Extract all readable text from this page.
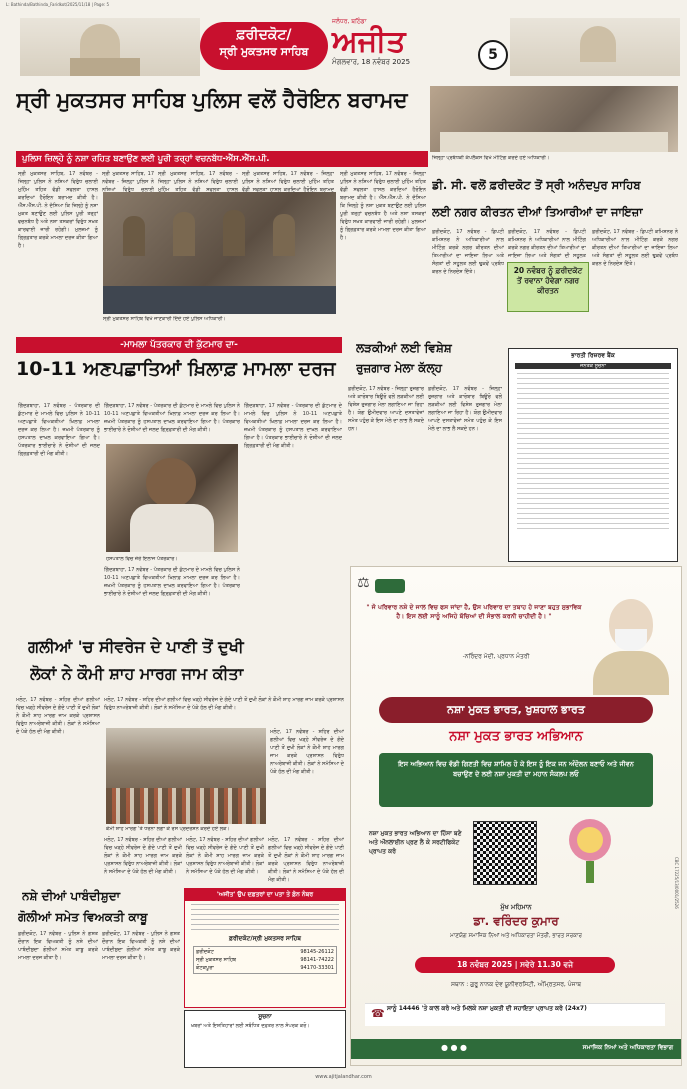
L: Bathinda/Bathinda_Faridkot/2025/11/18 | Page: 5
ਫ਼ਰੀਦਕੋਟ/
ਸ੍ਰੀ ਮੁਕਤਸਰ ਸਾਹਿਬ
ਜਲੰਧਰ, ਬਠਿੰਡਾ
ਅਜੀਤ
ਮੰਗਲਵਾਰ, 18 ਨਵੰਬਰ 2025	5
ਸ੍ਰੀ ਮੁਕਤਸਰ ਸਾਹਿਬ ਪੁਲਿਸ ਵਲੋਂ ਹੈਰੋਇਨ ਬਰਾਮਦ
ਪੁਲਿਸ ਜ਼ਿਲ੍ਹੇ ਨੂੰ ਨਸ਼ਾ ਰਹਿਤ ਬਣਾਉਣ ਲਈ ਪੂਰੀ ਤਰ੍ਹਾਂ ਵਚਨਬੱਧ-ਐੱਸ.ਐੱਸ.ਪੀ.
ਸ੍ਰੀ ਮੁਕਤਸਰ ਸਾਹਿਬ, 17 ਨਵੰਬਰ - ਜ਼ਿਲ੍ਹਾ ਪੁਲਿਸ ਨੇ ਨਸ਼ਿਆਂ ਵਿਰੁੱਧ ਚਲਾਈ ਮੁਹਿੰਮ ਤਹਿਤ ਵੱਡੀ ਸਫਲਤਾ ਹਾਸਲ ਕਰਦਿਆਂ ਹੈਰੋਇਨ ਬਰਾਮਦ ਕੀਤੀ ਹੈ। ਐੱਸ.ਐੱਸ.ਪੀ. ਨੇ ਦੱਸਿਆ ਕਿ ਜ਼ਿਲ੍ਹੇ ਨੂੰ ਨਸ਼ਾ ਮੁਕਤ ਬਣਾਉਣ ਲਈ ਪੁਲਿਸ ਪੂਰੀ ਤਰ੍ਹਾਂ ਵਚਨਬੱਧ ਹੈ ਅਤੇ ਨਸ਼ਾ ਤਸਕਰਾਂ ਵਿਰੁੱਧ ਸਖ਼ਤ ਕਾਰਵਾਈ ਜਾਰੀ ਰਹੇਗੀ। ਮੁਲਜ਼ਮਾਂ ਨੂੰ ਗ੍ਰਿਫ਼ਤਾਰ ਕਰਕੇ ਮਾਮਲਾ ਦਰਜ ਕੀਤਾ ਗਿਆ ਹੈ।
ਸ੍ਰੀ ਮੁਕਤਸਰ ਸਾਹਿਬ, 17 ਨਵੰਬਰ - ਜ਼ਿਲ੍ਹਾ ਪੁਲਿਸ ਨੇ ਨਸ਼ਿਆਂ ਵਿਰੁੱਧ ਚਲਾਈ
ਸ੍ਰੀ ਮੁਕਤਸਰ ਸਾਹਿਬ, 17 ਨਵੰਬਰ - ਜ਼ਿਲ੍ਹਾ ਪੁਲਿਸ ਨੇ ਨਸ਼ਿਆਂ ਵਿਰੁੱਧ ਚਲਾਈ ਮੁਹਿੰਮ ਤਹਿਤ ਵੱਡੀ ਸਫਲਤਾ ਹਾਸਲ
ਸ੍ਰੀ ਮੁਕਤਸਰ ਸਾਹਿਬ, 17 ਨਵੰਬਰ - ਜ਼ਿਲ੍ਹਾ ਪੁਲਿਸ ਨੇ ਨਸ਼ਿਆਂ ਵਿਰੁੱਧ ਚਲਾਈ ਮੁਹਿੰਮ ਤਹਿਤ ਵੱਡੀ ਸਫਲਤਾ ਹਾਸਲ ਕਰਦਿਆਂ ਹੈਰੋਇਨ ਬਰਾਮਦ
ਸ੍ਰੀ ਮੁਕਤਸਰ ਸਾਹਿਬ, 17 ਨਵੰਬਰ - ਜ਼ਿਲ੍ਹਾ ਪੁਲਿਸ ਨੇ ਨਸ਼ਿਆਂ ਵਿਰੁੱਧ ਚਲਾਈ ਮੁਹਿੰਮ ਤਹਿਤ ਵੱਡੀ ਸਫਲਤਾ ਹਾਸਲ ਕਰਦਿਆਂ ਹੈਰੋਇਨ ਬਰਾਮਦ ਕੀਤੀ ਹੈ। ਐੱਸ.ਐੱਸ.ਪੀ. ਨੇ ਦੱਸਿਆ ਕਿ ਜ਼ਿਲ੍ਹੇ ਨੂੰ ਨਸ਼ਾ ਮੁਕਤ ਬਣਾਉਣ ਲਈ ਪੁਲਿਸ ਪੂਰੀ ਤਰ੍ਹਾਂ ਵਚਨਬੱਧ ਹੈ ਅਤੇ ਨਸ਼ਾ ਤਸਕਰਾਂ ਵਿਰੁੱਧ ਸਖ਼ਤ ਕਾਰਵਾਈ ਜਾਰੀ ਰਹੇਗੀ। ਮੁਲਜ਼ਮਾਂ ਨੂੰ ਗ੍ਰਿਫ਼ਤਾਰ ਕਰਕੇ ਮਾਮਲਾ ਦਰਜ ਕੀਤਾ ਗਿਆ ਹੈ।
ਸ੍ਰੀ ਮੁਕਤਸਰ ਸਾਹਿਬ ਵਿਖੇ ਜਾਣਕਾਰੀ ਦਿੰਦੇ ਹੋਏ ਪੁਲਿਸ ਅਧਿਕਾਰੀ।
ਜ਼ਿਲ੍ਹਾ ਪ੍ਰਬੰਧਕੀ ਕੰਪਲੈਕਸ ਵਿਖੇ ਮੀਟਿੰਗ ਕਰਦੇ ਹੋਏ ਅਧਿਕਾਰੀ।
ਡੀ. ਸੀ. ਵਲੋਂ ਫ਼ਰੀਦਕੋਟ ਤੋਂ ਸ੍ਰੀ ਅਨੰਦਪੁਰ ਸਾਹਿਬ
ਲਈ ਨਗਰ ਕੀਰਤਨ ਦੀਆਂ ਤਿਆਰੀਆਂ ਦਾ ਜਾਇਜ਼ਾ
ਫ਼ਰੀਦਕੋਟ, 17 ਨਵੰਬਰ - ਡਿਪਟੀ ਕਮਿਸ਼ਨਰ ਨੇ ਅਧਿਕਾਰੀਆਂ ਨਾਲ ਮੀਟਿੰਗ ਕਰਕੇ ਨਗਰ ਕੀਰਤਨ ਦੀਆਂ ਤਿਆਰੀਆਂ ਦਾ ਜਾਇਜ਼ਾ ਲਿਆ ਅਤੇ ਸੰਗਤਾਂ ਦੀ ਸਹੂਲਤ ਲਈ ਢੁਕਵੇਂ ਪ੍ਰਬੰਧ ਕਰਨ ਦੇ ਨਿਰਦੇਸ਼ ਦਿੱਤੇ।
ਫ਼ਰੀਦਕੋਟ, 17 ਨਵੰਬਰ - ਡਿਪਟੀ ਕਮਿਸ਼ਨਰ ਨੇ ਅਧਿਕਾਰੀਆਂ ਨਾਲ ਮੀਟਿੰਗ ਕਰਕੇ ਨਗਰ ਕੀਰਤਨ ਦੀਆਂ ਤਿਆਰੀਆਂ ਦਾ ਜਾਇਜ਼ਾ ਲਿਆ ਅਤੇ ਸੰਗਤਾਂ ਦੀ ਸਹੂਲਤ
20 ਨਵੰਬਰ ਨੂੰ ਫ਼ਰੀਦਕੋਟ ਤੋਂ ਰਵਾਨਾ ਹੋਵੇਗਾ ਨਗਰ ਕੀਰਤਨ
ਫ਼ਰੀਦਕੋਟ, 17 ਨਵੰਬਰ - ਡਿਪਟੀ ਕਮਿਸ਼ਨਰ ਨੇ ਅਧਿਕਾਰੀਆਂ ਨਾਲ ਮੀਟਿੰਗ ਕਰਕੇ ਨਗਰ ਕੀਰਤਨ ਦੀਆਂ ਤਿਆਰੀਆਂ ਦਾ ਜਾਇਜ਼ਾ ਲਿਆ ਅਤੇ ਸੰਗਤਾਂ ਦੀ ਸਹੂਲਤ ਲਈ ਢੁਕਵੇਂ ਪ੍ਰਬੰਧ ਕਰਨ ਦੇ ਨਿਰਦੇਸ਼ ਦਿੱਤੇ।
-ਮਾਮਲਾ ਪੱਤਰਕਾਰ ਦੀ ਕੁੱਟਮਾਰ ਦਾ-
10-11 ਅਣਪਛਾਤਿਆਂ ਖ਼ਿਲਾਫ਼ ਮਾਮਲਾ ਦਰਜ
ਗਿੱਦੜਬਾਹਾ, 17 ਨਵੰਬਰ - ਪੱਤਰਕਾਰ ਦੀ ਕੁੱਟਮਾਰ ਦੇ ਮਾਮਲੇ ਵਿਚ ਪੁਲਿਸ ਨੇ 10-11 ਅਣਪਛਾਤੇ ਵਿਅਕਤੀਆਂ ਖ਼ਿਲਾਫ਼ ਮਾਮਲਾ ਦਰਜ ਕਰ ਲਿਆ ਹੈ। ਜ਼ਖ਼ਮੀ ਪੱਤਰਕਾਰ ਨੂੰ ਹਸਪਤਾਲ ਦਾਖ਼ਲ ਕਰਵਾਇਆ ਗਿਆ ਹੈ। ਪੱਤਰਕਾਰ ਭਾਈਚਾਰੇ ਨੇ ਦੋਸ਼ੀਆਂ ਦੀ ਜਲਦ ਗ੍ਰਿਫ਼ਤਾਰੀ ਦੀ ਮੰਗ ਕੀਤੀ।
ਗਿੱਦੜਬਾਹਾ, 17 ਨਵੰਬਰ - ਪੱਤਰਕਾਰ ਦੀ ਕੁੱਟਮਾਰ ਦੇ ਮਾਮਲੇ ਵਿਚ ਪੁਲਿਸ ਨੇ 10-11 ਅਣਪਛਾਤੇ ਵਿਅਕਤੀਆਂ ਖ਼ਿਲਾਫ਼ ਮਾਮਲਾ ਦਰਜ ਕਰ ਲਿਆ ਹੈ। ਜ਼ਖ਼ਮੀ ਪੱਤਰਕਾਰ ਨੂੰ ਹਸਪਤਾਲ ਦਾਖ਼ਲ ਕਰਵਾਇਆ ਗਿਆ ਹੈ। ਪੱਤਰਕਾਰ ਭਾਈਚਾਰੇ ਨੇ ਦੋਸ਼ੀਆਂ ਦੀ ਜਲਦ ਗ੍ਰਿਫ਼ਤਾਰੀ ਦੀ ਮੰਗ ਕੀਤੀ।
ਗਿੱਦੜਬਾਹਾ, 17 ਨਵੰਬਰ - ਪੱਤਰਕਾਰ ਦੀ ਕੁੱਟਮਾਰ ਦੇ ਮਾਮਲੇ ਵਿਚ ਪੁਲਿਸ ਨੇ 10-11 ਅਣਪਛਾਤੇ ਵਿਅਕਤੀਆਂ ਖ਼ਿਲਾਫ਼ ਮਾਮਲਾ ਦਰਜ ਕਰ ਲਿਆ ਹੈ। ਜ਼ਖ਼ਮੀ ਪੱਤਰਕਾਰ ਨੂੰ ਹਸਪਤਾਲ ਦਾਖ਼ਲ ਕਰਵਾਇਆ ਗਿਆ ਹੈ। ਪੱਤਰਕਾਰ ਭਾਈਚਾਰੇ ਨੇ ਦੋਸ਼ੀਆਂ ਦੀ ਜਲਦ ਗ੍ਰਿਫ਼ਤਾਰੀ ਦੀ ਮੰਗ ਕੀਤੀ।
ਹਸਪਤਾਲ ਵਿਚ ਜ਼ੇਰੇ ਇਲਾਜ ਪੱਤਰਕਾਰ।
ਗਿੱਦੜਬਾਹਾ, 17 ਨਵੰਬਰ - ਪੱਤਰਕਾਰ ਦੀ ਕੁੱਟਮਾਰ ਦੇ ਮਾਮਲੇ ਵਿਚ ਪੁਲਿਸ ਨੇ 10-11 ਅਣਪਛਾਤੇ ਵਿਅਕਤੀਆਂ ਖ਼ਿਲਾਫ਼ ਮਾਮਲਾ ਦਰਜ ਕਰ ਲਿਆ ਹੈ। ਜ਼ਖ਼ਮੀ ਪੱਤਰਕਾਰ ਨੂੰ ਹਸਪਤਾਲ ਦਾਖ਼ਲ ਕਰਵਾਇਆ ਗਿਆ ਹੈ। ਪੱਤਰਕਾਰ ਭਾਈਚਾਰੇ ਨੇ ਦੋਸ਼ੀਆਂ ਦੀ ਜਲਦ ਗ੍ਰਿਫ਼ਤਾਰੀ ਦੀ ਮੰਗ ਕੀਤੀ।
ਲੜਕੀਆਂ ਲਈ ਵਿਸ਼ੇਸ਼
ਰੁਜ਼ਗਾਰ ਮੇਲਾ ਕੱਲ੍ਹ
ਫ਼ਰੀਦਕੋਟ, 17 ਨਵੰਬਰ - ਜ਼ਿਲ੍ਹਾ ਰੁਜ਼ਗਾਰ ਅਤੇ ਕਾਰੋਬਾਰ ਬਿਊਰੋ ਵਲੋਂ ਲੜਕੀਆਂ ਲਈ ਵਿਸ਼ੇਸ਼ ਰੁਜ਼ਗਾਰ ਮੇਲਾ ਲਗਾਇਆ ਜਾ ਰਿਹਾ ਹੈ। ਯੋਗ ਉਮੀਦਵਾਰ ਆਪਣੇ ਦਸਤਾਵੇਜ਼ਾਂ ਸਮੇਤ ਪਹੁੰਚ ਕੇ ਇਸ ਮੇਲੇ ਦਾ ਲਾਭ ਲੈ ਸਕਦੇ ਹਨ।
ਫ਼ਰੀਦਕੋਟ, 17 ਨਵੰਬਰ - ਜ਼ਿਲ੍ਹਾ ਰੁਜ਼ਗਾਰ ਅਤੇ ਕਾਰੋਬਾਰ ਬਿਊਰੋ ਵਲੋਂ ਲੜਕੀਆਂ ਲਈ ਵਿਸ਼ੇਸ਼ ਰੁਜ਼ਗਾਰ ਮੇਲਾ ਲਗਾਇਆ ਜਾ ਰਿਹਾ ਹੈ। ਯੋਗ ਉਮੀਦਵਾਰ ਆਪਣੇ ਦਸਤਾਵੇਜ਼ਾਂ ਸਮੇਤ ਪਹੁੰਚ ਕੇ ਇਸ ਮੇਲੇ ਦਾ ਲਾਭ ਲੈ ਸਕਦੇ ਹਨ।
ਭਾਰਤੀ ਰਿਜ਼ਰਵ ਬੈਂਕ
ਜਨਤਕ ਸੂਚਨਾ
ਗਲੀਆਂ 'ਚ ਸੀਵਰੇਜ ਦੇ ਪਾਣੀ ਤੋਂ ਦੁਖੀ
ਲੋਕਾਂ ਨੇ ਕੌਮੀ ਸ਼ਾਹ ਮਾਰਗ ਜਾਮ ਕੀਤਾ
ਮਲੋਟ, 17 ਨਵੰਬਰ - ਸ਼ਹਿਰ ਦੀਆਂ ਗਲੀਆਂ ਵਿਚ ਖੜ੍ਹੇ ਸੀਵਰੇਜ ਦੇ ਗੰਦੇ ਪਾਣੀ ਤੋਂ ਦੁਖੀ ਲੋਕਾਂ ਨੇ ਕੌਮੀ ਸ਼ਾਹ ਮਾਰਗ ਜਾਮ ਕਰਕੇ ਪ੍ਰਸ਼ਾਸਨ ਵਿਰੁੱਧ ਨਾਅਰੇਬਾਜ਼ੀ ਕੀਤੀ। ਲੋਕਾਂ ਨੇ ਸਮੱਸਿਆ ਦੇ ਪੱਕੇ ਹੱਲ ਦੀ ਮੰਗ ਕੀਤੀ।
ਮਲੋਟ, 17 ਨਵੰਬਰ - ਸ਼ਹਿਰ ਦੀਆਂ ਗਲੀਆਂ ਵਿਚ ਖੜ੍ਹੇ ਸੀਵਰੇਜ ਦੇ ਗੰਦੇ ਪਾਣੀ ਤੋਂ ਦੁਖੀ ਲੋਕਾਂ ਨੇ ਕੌਮੀ ਸ਼ਾਹ ਮਾਰਗ ਜਾਮ ਕਰਕੇ ਪ੍ਰਸ਼ਾਸਨ ਵਿਰੁੱਧ ਨਾਅਰੇਬਾਜ਼ੀ ਕੀਤੀ। ਲੋਕਾਂ ਨੇ ਸਮੱਸਿਆ ਦੇ ਪੱਕੇ ਹੱਲ ਦੀ ਮੰਗ ਕੀਤੀ।
ਕੌਮੀ ਸ਼ਾਹ ਮਾਰਗ 'ਤੇ ਧਰਨਾ ਲਗਾ ਕੇ ਰੋਸ ਪ੍ਰਦਰਸ਼ਨ ਕਰਦੇ ਹੋਏ ਲੋਕ।
ਮਲੋਟ, 17 ਨਵੰਬਰ - ਸ਼ਹਿਰ ਦੀਆਂ ਗਲੀਆਂ ਵਿਚ ਖੜ੍ਹੇ ਸੀਵਰੇਜ ਦੇ ਗੰਦੇ ਪਾਣੀ ਤੋਂ ਦੁਖੀ ਲੋਕਾਂ ਨੇ ਕੌਮੀ ਸ਼ਾਹ ਮਾਰਗ ਜਾਮ ਕਰਕੇ ਪ੍ਰਸ਼ਾਸਨ ਵਿਰੁੱਧ ਨਾਅਰੇਬਾਜ਼ੀ ਕੀਤੀ। ਲੋਕਾਂ ਨੇ ਸਮੱਸਿਆ ਦੇ ਪੱਕੇ ਹੱਲ ਦੀ ਮੰਗ ਕੀਤੀ।
ਮਲੋਟ, 17 ਨਵੰਬਰ - ਸ਼ਹਿਰ ਦੀਆਂ ਗਲੀਆਂ ਵਿਚ ਖੜ੍ਹੇ ਸੀਵਰੇਜ ਦੇ ਗੰਦੇ ਪਾਣੀ ਤੋਂ ਦੁਖੀ ਲੋਕਾਂ ਨੇ ਕੌਮੀ ਸ਼ਾਹ ਮਾਰਗ ਜਾਮ ਕਰਕੇ ਪ੍ਰਸ਼ਾਸਨ ਵਿਰੁੱਧ ਨਾਅਰੇਬਾਜ਼ੀ ਕੀਤੀ। ਲੋਕਾਂ ਨੇ ਸਮੱਸਿਆ ਦੇ ਪੱਕੇ ਹੱਲ ਦੀ ਮੰਗ ਕੀਤੀ।
ਮਲੋਟ, 17 ਨਵੰਬਰ - ਸ਼ਹਿਰ ਦੀਆਂ ਗਲੀਆਂ ਵਿਚ ਖੜ੍ਹੇ ਸੀਵਰੇਜ ਦੇ ਗੰਦੇ ਪਾਣੀ ਤੋਂ ਦੁਖੀ ਲੋਕਾਂ ਨੇ ਕੌਮੀ ਸ਼ਾਹ ਮਾਰਗ ਜਾਮ ਕਰਕੇ ਪ੍ਰਸ਼ਾਸਨ ਵਿਰੁੱਧ ਨਾਅਰੇਬਾਜ਼ੀ ਕੀਤੀ। ਲੋਕਾਂ ਨੇ ਸਮੱਸਿਆ ਦੇ ਪੱਕੇ ਹੱਲ ਦੀ ਮੰਗ ਕੀਤੀ।
ਮਲੋਟ, 17 ਨਵੰਬਰ - ਸ਼ਹਿਰ ਦੀਆਂ ਗਲੀਆਂ ਵਿਚ ਖੜ੍ਹੇ ਸੀਵਰੇਜ ਦੇ ਗੰਦੇ ਪਾਣੀ ਤੋਂ ਦੁਖੀ ਲੋਕਾਂ ਨੇ ਕੌਮੀ ਸ਼ਾਹ ਮਾਰਗ ਜਾਮ ਕਰਕੇ ਪ੍ਰਸ਼ਾਸਨ ਵਿਰੁੱਧ ਨਾਅਰੇਬਾਜ਼ੀ ਕੀਤੀ। ਲੋਕਾਂ ਨੇ ਸਮੱਸਿਆ ਦੇ ਪੱਕੇ ਹੱਲ ਦੀ ਮੰਗ ਕੀਤੀ।
ਨਸ਼ੇ ਦੀਆਂ ਪਾਬੰਦੀਸ਼ੁਦਾ
ਗੋਲੀਆਂ ਸਮੇਤ ਵਿਅਕਤੀ ਕਾਬੂ
ਫ਼ਰੀਦਕੋਟ, 17 ਨਵੰਬਰ - ਪੁਲਿਸ ਨੇ ਗਸ਼ਤ ਦੌਰਾਨ ਇਕ ਵਿਅਕਤੀ ਨੂੰ ਨਸ਼ੇ ਦੀਆਂ ਪਾਬੰਦੀਸ਼ੁਦਾ ਗੋਲੀਆਂ ਸਮੇਤ ਕਾਬੂ ਕਰਕੇ ਮਾਮਲਾ ਦਰਜ ਕੀਤਾ ਹੈ।
ਫ਼ਰੀਦਕੋਟ, 17 ਨਵੰਬਰ - ਪੁਲਿਸ ਨੇ ਗਸ਼ਤ ਦੌਰਾਨ ਇਕ ਵਿਅਕਤੀ ਨੂੰ ਨਸ਼ੇ ਦੀਆਂ ਪਾਬੰਦੀਸ਼ੁਦਾ ਗੋਲੀਆਂ ਸਮੇਤ ਕਾਬੂ ਕਰਕੇ ਮਾਮਲਾ ਦਰਜ ਕੀਤਾ ਹੈ।
'ਅਜੀਤ' ਉਪ ਦਫ਼ਤਰਾਂ ਦਾ ਪਤਾ ਤੇ ਫ਼ੋਨ ਨੰਬਰ
ਫ਼ਰੀਦਕੋਟ/ਸ੍ਰੀ ਮੁਕਤਸਰ ਸਾਹਿਬ
ਫ਼ਰੀਦਕੋਟ	98145-26112
ਸ੍ਰੀ ਮੁਕਤਸਰ ਸਾਹਿਬ	98141-74222
ਕੋਟਕਪੂਰਾ	94170-33301
ਸੂਚਨਾ
ਖ਼ਬਰਾਂ ਅਤੇ ਇਸ਼ਤਿਹਾਰਾਂ ਲਈ ਸਬੰਧਿਤ ਦਫ਼ਤਰ ਨਾਲ ਸੰਪਰਕ ਕਰੋ।
⚖
" ਜੋ ਪਰਿਵਾਰ ਨਸ਼ੇ ਦੇ ਜਾਲ ਵਿਚ ਫਸ ਜਾਂਦਾ ਹੈ, ਉਸ ਪਰਿਵਾਰ ਦਾ ਤਬਾਹ ਹੋ ਜਾਣਾ ਬਹੁਤ ਸੁਭਾਵਿਕ ਹੈ। ਇਸ ਲਈ ਸਾਨੂੰ ਅਜਿਹੇ ਬੱਚਿਆਂ ਦੀ ਸੰਭਾਲ ਕਰਨੀ ਚਾਹੀਦੀ ਹੈ। "
-ਨਰਿੰਦਰ ਮੋਦੀ, ਪ੍ਰਧਾਨ ਮੰਤਰੀ
ਨਸ਼ਾ ਮੁਕਤ ਭਾਰਤ, ਖੁਸ਼ਹਾਲ ਭਾਰਤ
ਨਸ਼ਾ ਮੁਕਤ ਭਾਰਤ ਅਭਿਆਨ
ਇਸ ਅਭਿਆਨ ਵਿਚ ਵੱਡੀ ਗਿਣਤੀ ਵਿਚ ਸ਼ਾਮਿਲ ਹੋ ਕੇ ਇਸ ਨੂੰ ਇਕ ਜਨ ਅੰਦੋਲਨ ਬਣਾਓ ਅਤੇ ਜੀਵਨ ਬਚਾਉਣ ਦੇ ਲਈ ਨਸ਼ਾ ਮੁਕਤੀ ਦਾ ਮਹਾਨ ਸੰਕਲਪ ਲਓ
ਨਸ਼ਾ ਮੁਕਤ ਭਾਰਤ ਅਭਿਆਨ ਦਾ ਹਿੱਸਾ ਬਣੋ ਅਤੇ ਔਨਲਾਈਨ ਪ੍ਰਣ ਲੈ ਕੇ ਸਰਟੀਫਿਕੇਟ ਪ੍ਰਾਪਤ ਕਰੋ
ਮੁੱਖ ਮਹਿਮਾਨ
ਡਾ. ਵਰਿੰਦਰ ਕੁਮਾਰ
ਮਾਣਯੋਗ ਸਮਾਜਿਕ ਨਿਆਂ ਅਤੇ ਅਧਿਕਾਰਤਾ ਮੰਤਰੀ, ਭਾਰਤ ਸਰਕਾਰ
18 ਨਵੰਬਰ 2025 | ਸਵੇਰੇ 11.30 ਵਜੇ
ਸਥਾਨ : ਗੁਰੂ ਨਾਨਕ ਦੇਵ ਯੂਨੀਵਰਸਿਟੀ, ਅੰਮ੍ਰਿਤਸਰ, ਪੰਜਾਬ
☎ ਸਾਨੂੰ 14446 'ਤੇ ਕਾਲ ਕਰੋ ਅਤੇ ਮਿਲਕੇ ਨਸ਼ਾ ਮੁਕਤੀ ਦੀ ਸਹਾਇਤਾ ਪ੍ਰਾਪਤ ਕਰੋ (24x7)
ਸਮਾਜਿਕ ਨਿਆਂ ਅਤੇ ਅਧਿਕਾਰਤਾ ਵਿਭਾਗ
● ● ●
CBC 17225/13/0001/2526
www.ajitjalandhar.com
